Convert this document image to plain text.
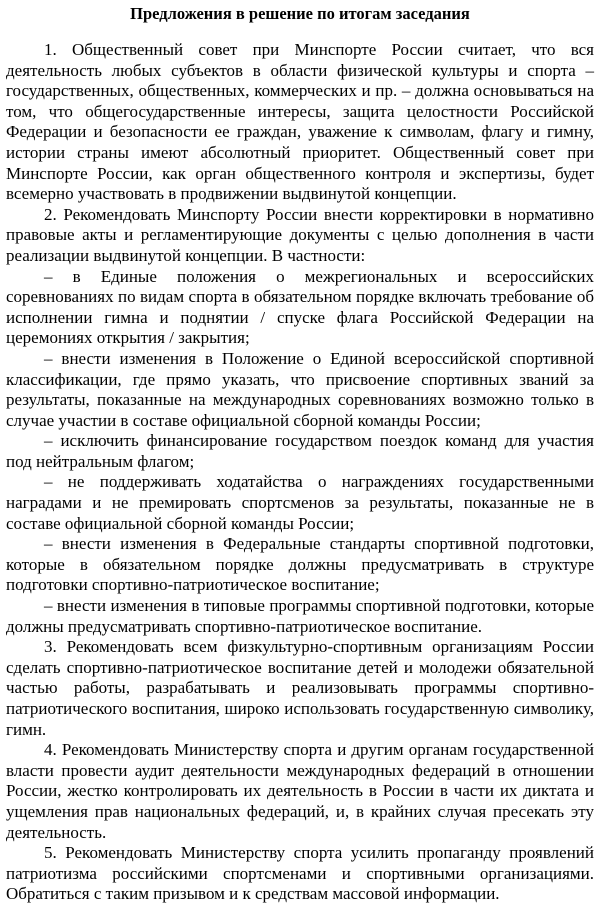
Предложения в решение по итогам заседания

1. Общественный совет при Минспорте России считает, что вся деятельность любых субъектов в области физической культуры и спорта – государственных, общественных, коммерческих и пр. – должна основываться на том, что общегосударственные интересы, защита целостности Российской Федерации и безопасности ее граждан, уважение к символам, флагу и гимну, истории страны имеют абсолютный приоритет. Общественный совет при Минспорте России, как орган общественного контроля и экспертизы, будет всемерно участвовать в продвижении выдвинутой концепции.

2. Рекомендовать Минспорту России внести корректировки в нормативно правовые акты и регламентирующие документы с целью дополнения в части реализации выдвинутой концепции. В частности:

– в Единые положения о межрегиональных и всероссийских соревнованиях по видам спорта в обязательном порядке включать требование об исполнении гимна и поднятии / спуске флага Российской Федерации на церемониях открытия / закрытия;

– внести изменения в Положение о Единой всероссийской спортивной классификации, где прямо указать, что присвоение спортивных званий за результаты, показанные на международных соревнованиях возможно только в случае участии в составе официальной сборной команды России;

– исключить финансирование государством поездок команд для участия под нейтральным флагом;

– не поддерживать ходатайства о награждениях государственными наградами и не премировать спортсменов за результаты, показанные не в составе официальной сборной команды России;

– внести изменения в Федеральные стандарты спортивной подготовки, которые в обязательном порядке должны предусматривать в структуре подготовки спортивно-патриотическое воспитание;

– внести изменения в типовые программы спортивной подготовки, которые должны предусматривать спортивно-патриотическое воспитание.

3. Рекомендовать всем физкультурно-спортивным организациям России сделать спортивно-патриотическое воспитание детей и молодежи обязательной частью работы, разрабатывать и реализовывать программы спортивно-патриотического воспитания, широко использовать государственную символику, гимн.

4. Рекомендовать Министерству спорта и другим органам государственной власти провести аудит деятельности международных федераций в отношении России, жестко контролировать их деятельность в России в части их диктата и ущемления прав национальных федераций, и, в крайних случая пресекать эту деятельность.

5. Рекомендовать Министерству спорта усилить пропаганду проявлений патриотизма российскими спортсменами и спортивными организациями. Обратиться с таким призывом и к средствам массовой информации.
